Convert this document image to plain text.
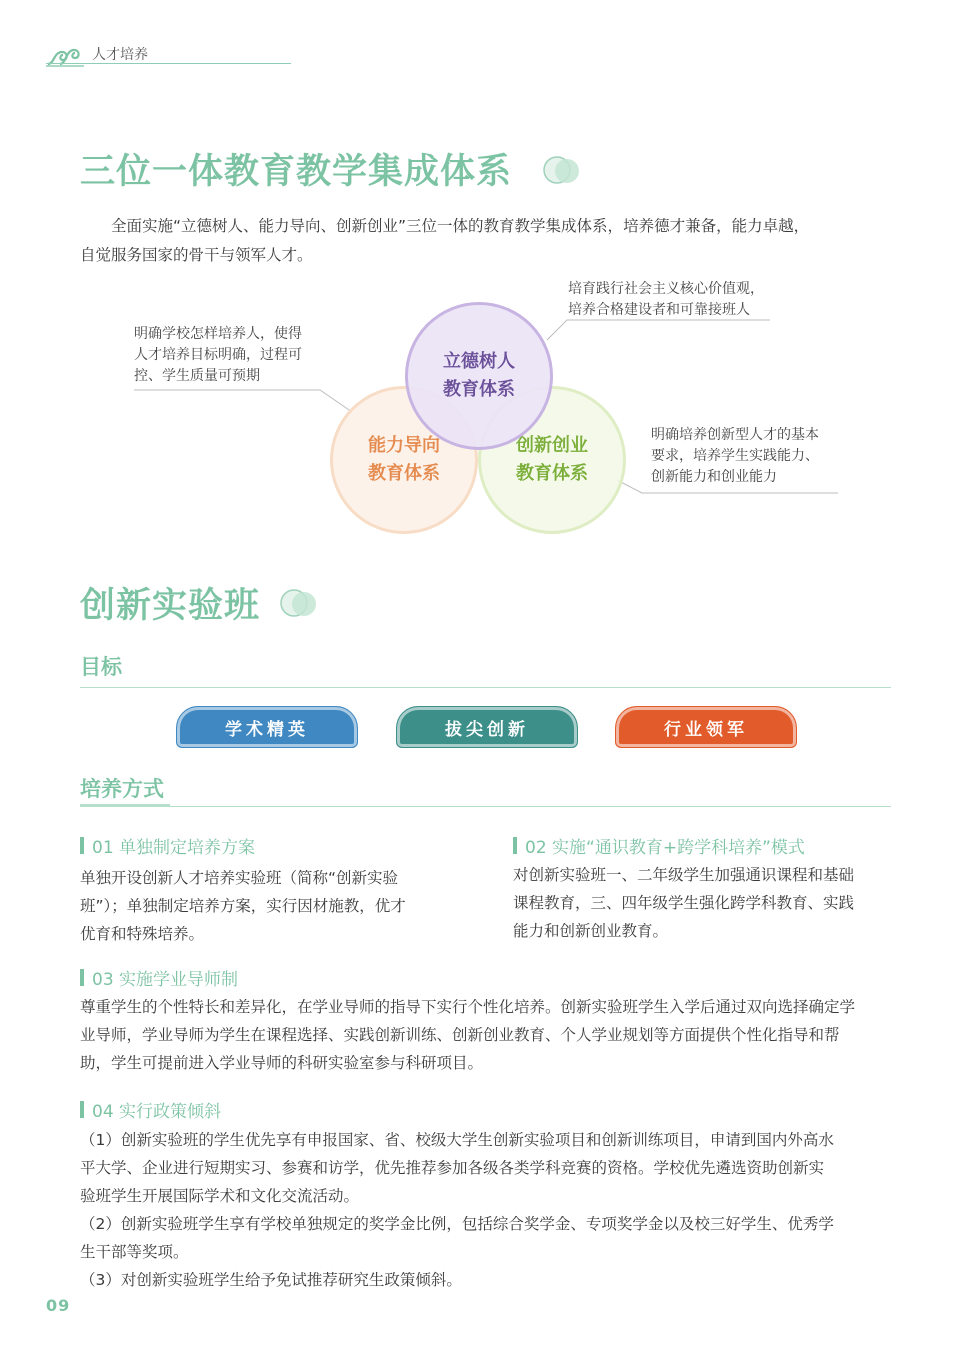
人才培养
三位一体教育教学集成体系
全面实施“立德树人、能力导向、创新创业”三位一体的教育教学集成体系，培养德才兼备，能力卓越，
自觉服务国家的骨干与领军人才。
能力导向
教育体系
创新创业
教育体系
立德树人
教育体系
培育践行社会主义核心价值观，
培养合格建设者和可靠接班人
明确学校怎样培养人，使得
人才培养目标明确，过程可
控、学生质量可预期
明确培养创新型人才的基本
要求，培养学生实践能力、
创新能力和创业能力
创新实验班
目标
学术精英	拔尖创新	行业领军
培养方式
01 单独制定培养方案
单独开设创新人才培养实验班（简称“创新实验
班”）；单独制定培养方案，实行因材施教，优才
优育和特殊培养。
02 实施“通识教育+跨学科培养”模式
对创新实验班一、二年级学生加强通识课程和基础
课程教育，三、四年级学生强化跨学科教育、实践
能力和创新创业教育。
03 实施学业导师制
尊重学生的个性特长和差异化，在学业导师的指导下实行个性化培养。创新实验班学生入学后通过双向选择确定学
业导师，学业导师为学生在课程选择、实践创新训练、创新创业教育、个人学业规划等方面提供个性化指导和帮
助，学生可提前进入学业导师的科研实验室参与科研项目。
04 实行政策倾斜
（1）创新实验班的学生优先享有申报国家、省、校级大学生创新实验项目和创新训练项目，申请到国内外高水
平大学、企业进行短期实习、参赛和访学，优先推荐参加各级各类学科竞赛的资格。学校优先遴选资助创新实
验班学生开展国际学术和文化交流活动。
（2）创新实验班学生享有学校单独规定的奖学金比例，包括综合奖学金、专项奖学金以及校三好学生、优秀学
生干部等奖项。
（3）对创新实验班学生给予免试推荐研究生政策倾斜。
09
